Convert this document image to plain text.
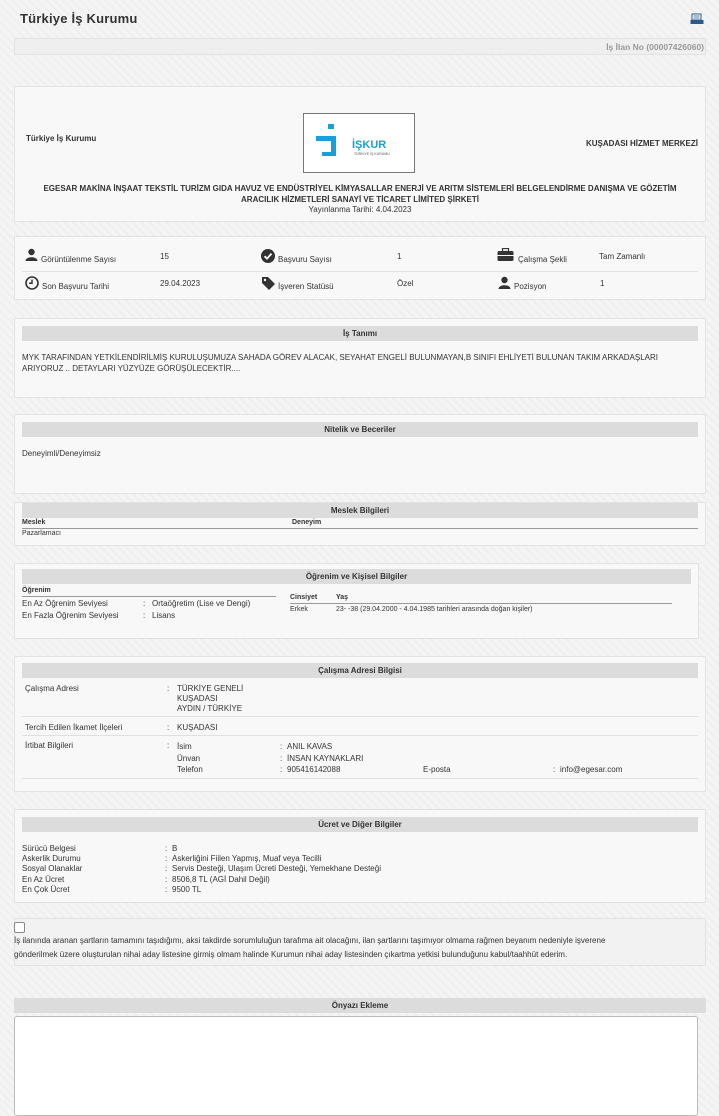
Türkiye İş Kurumu
İş İlan No (00007426060)
Türkiye İş Kurumu
İŞKUR
TÜRKİYE İŞ KURUMU
KUŞADASI HİZMET MERKEZİ
EGESAR MAKİNA İNŞAAT TEKSTİL TURİZM GIDA HAVUZ VE ENDÜSTRİYEL KİMYASALLAR ENERJİ VE ARITM SİSTEMLERİ BELGELENDİRME DANIŞMA VE GÖZETİM
ARACILIK HİZMETLERİ SANAYİ VE TİCARET LİMİTED ŞİRKETİ
Yayınlanma Tarihi: 4.04.2023
Görüntülenme Sayısı	15	Başvuru Sayısı	1	Çalışma Şekli	Tam Zamanlı
Son Başvuru Tarihi	29.04.2023	İşveren Statüsü	Özel	Pozisyon	1
İş Tanımı
MYK TARAFINDAN YETKİLENDİRİLMİŞ KURULUŞUMUZA SAHADA GÖREV ALACAK, SEYAHAT ENGELİ BULUNMAYAN,B SINIFI EHLİYETİ BULUNAN TAKIM ARKADAŞLARI
ARIYORUZ .. DETAYLARI YÜZYÜZE GÖRÜŞÜLECEKTİR....
Nitelik ve Beceriler
Deneyimli/Deneyimsiz
Meslek Bilgileri
Meslek	Deneyim
Pazarlamacı
Öğrenim ve Kişisel Bilgiler
Öğrenim
En Az Öğrenim Seviyesi	: Ortaöğretim (Lise ve Dengi)
En Fazla Öğrenim Seviyesi	: Lisans
Cinsiyet	Yaş
Erkek	23- -38 (29.04.2000 - 4.04.1985 tarihleri arasında doğan kişiler)
Çalışma Adresi Bilgisi
Çalışma Adresi	: TÜRKİYE GENELİ
KUŞADASI
AYDIN / TÜRKİYE
Tercih Edilen İkamet İlçeleri	: KUŞADASI
İrtibat Bilgileri	: İsim	: ANIL KAVAS
Ünvan	: İNSAN KAYNAKLARI
Telefon	: 905416142088	E-posta	: info@egesar.com
Ücret ve Diğer Bilgiler
Sürücü Belgesi	: B
Askerlik Durumu	: Askerliğini Fiilen Yapmış, Muaf veya Tecilli
Sosyal Olanaklar	: Servis Desteği, Ulaşım Ücreti Desteği, Yemekhane Desteği
En Az Ücret	: 8506,8 TL (AGİ Dahil Değil)
En Çok Ücret	: 9500 TL
İş ilanında aranan şartların tamamını taşıdığımı, aksi takdirde sorumluluğun tarafıma ait olacağını, ilan şartlarını taşımıyor olmama rağmen beyanım nedeniyle işverene
gönderilmek üzere oluşturulan nihai aday listesine girmiş olmam halinde Kurumun nihai aday listesinden çıkartma yetkisi bulunduğunu kabul/taahhüt ederim.
Önyazı Ekleme
